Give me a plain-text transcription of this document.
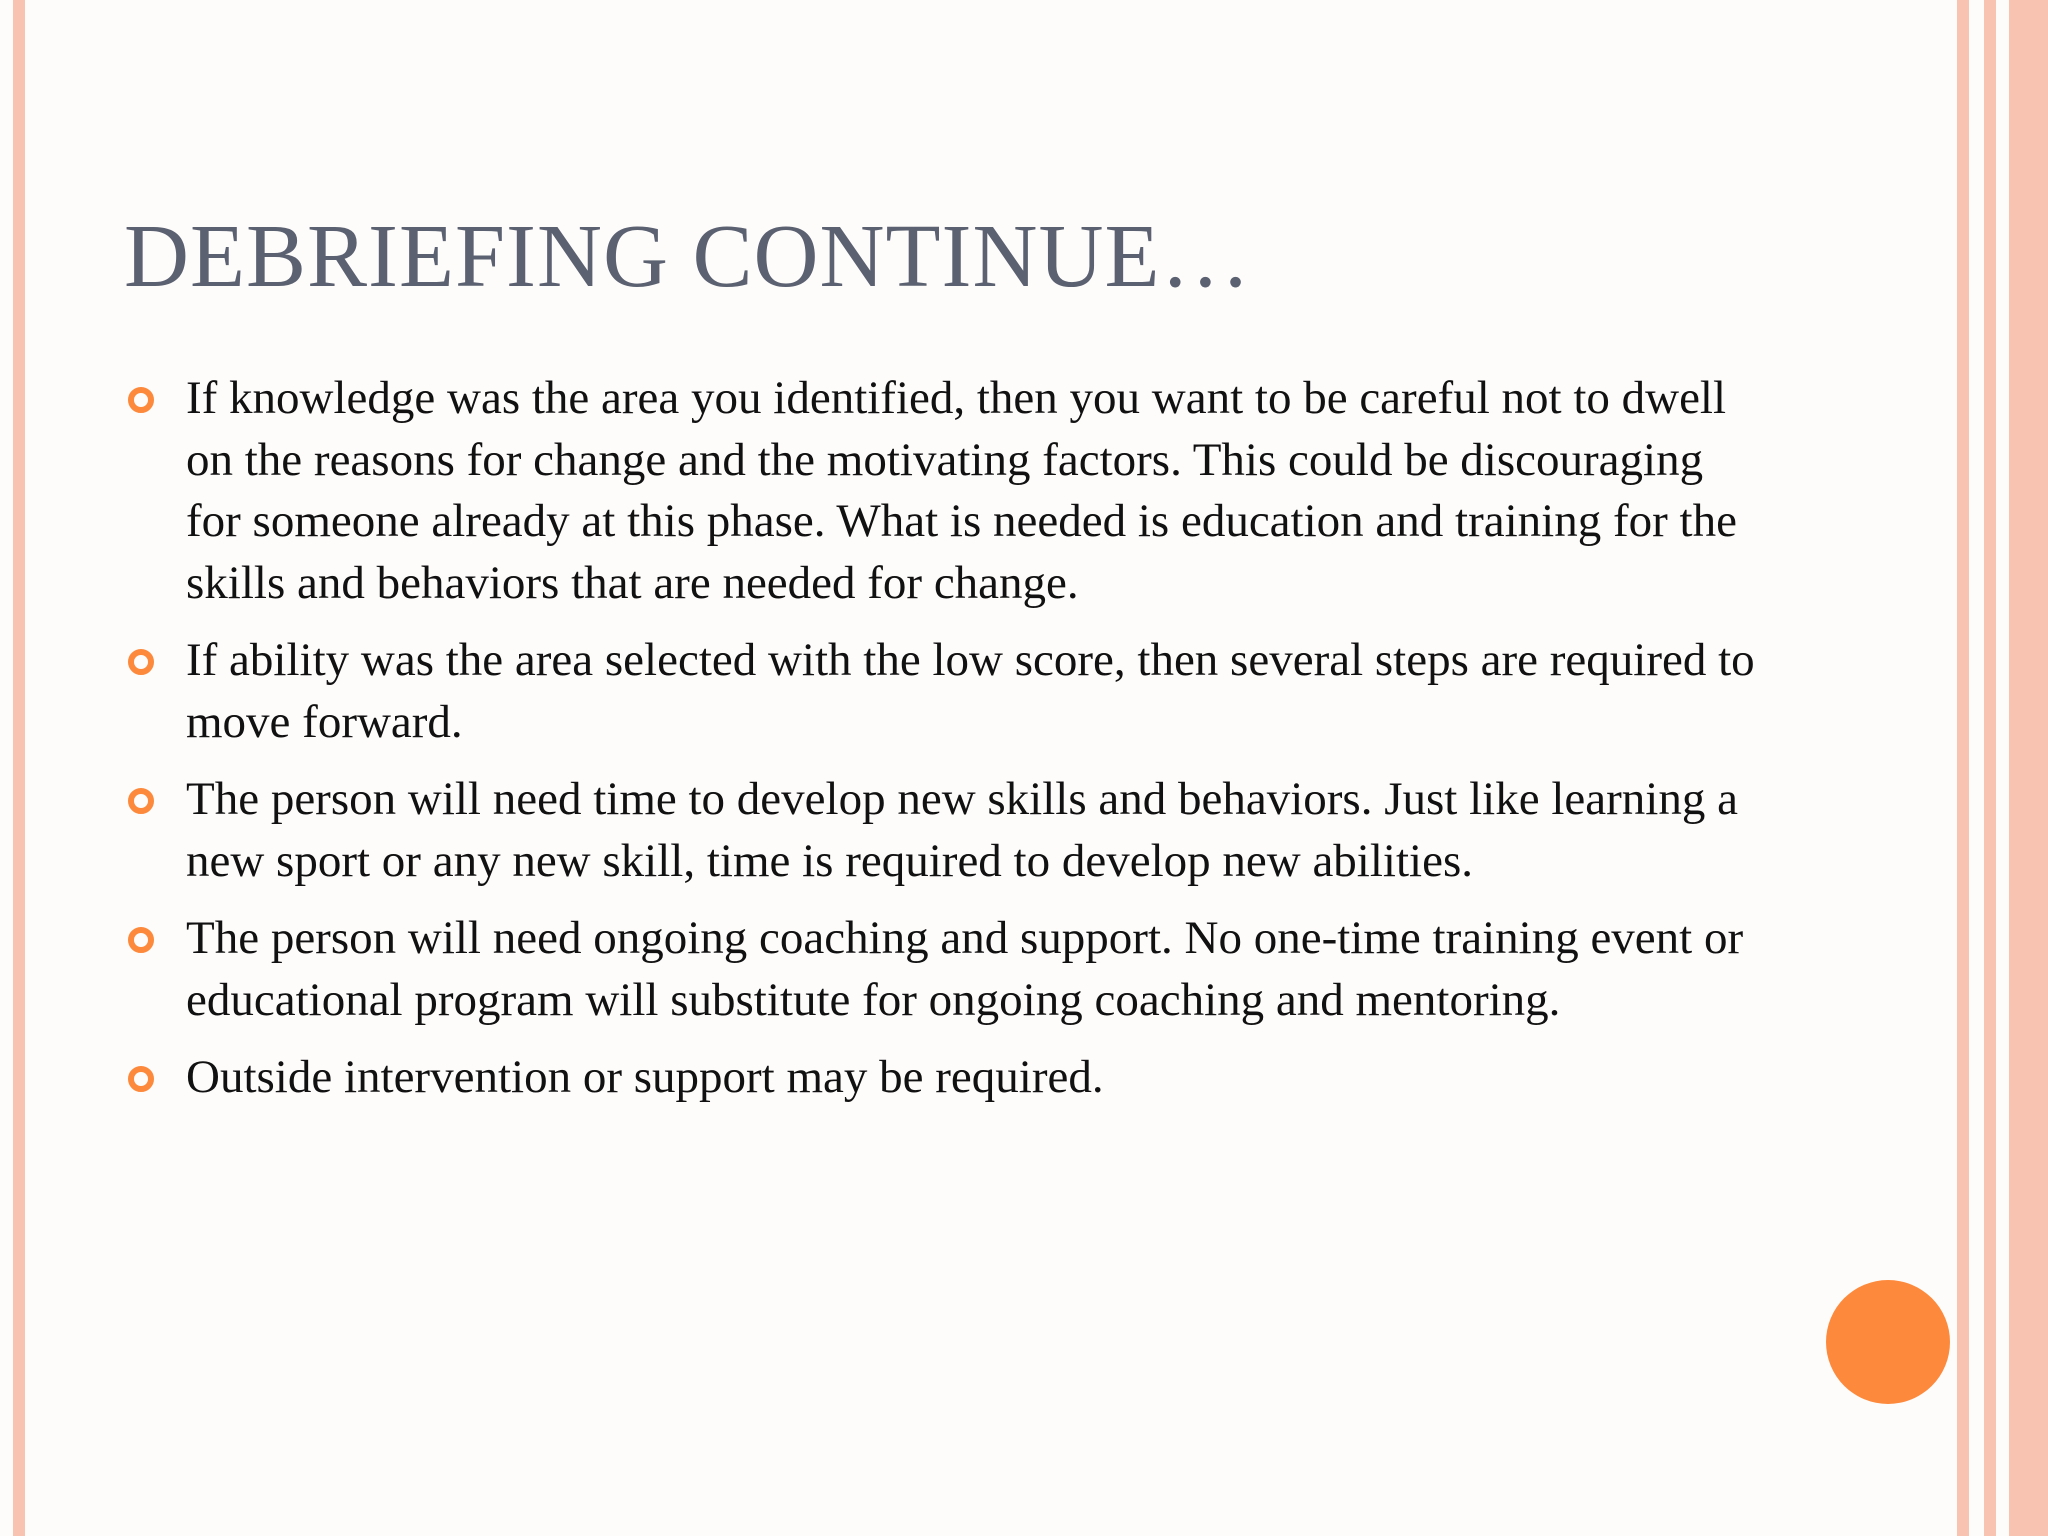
DEBRIEFING CONTINUE…
If knowledge was the area you identified, then you want to be careful not to dwell on the reasons for change and the motivating factors. This could be discouraging for someone already at this phase. What is needed is education and training for the skills and behaviors that are needed for change.
If ability was the area selected with the low score, then several steps are required to move forward.
The person will need time to develop new skills and behaviors. Just like learning a new sport or any new skill, time is required to develop new abilities.
The person will need ongoing coaching and support. No one-time training event or educational program will substitute for ongoing coaching and mentoring.
Outside intervention or support may be required.
